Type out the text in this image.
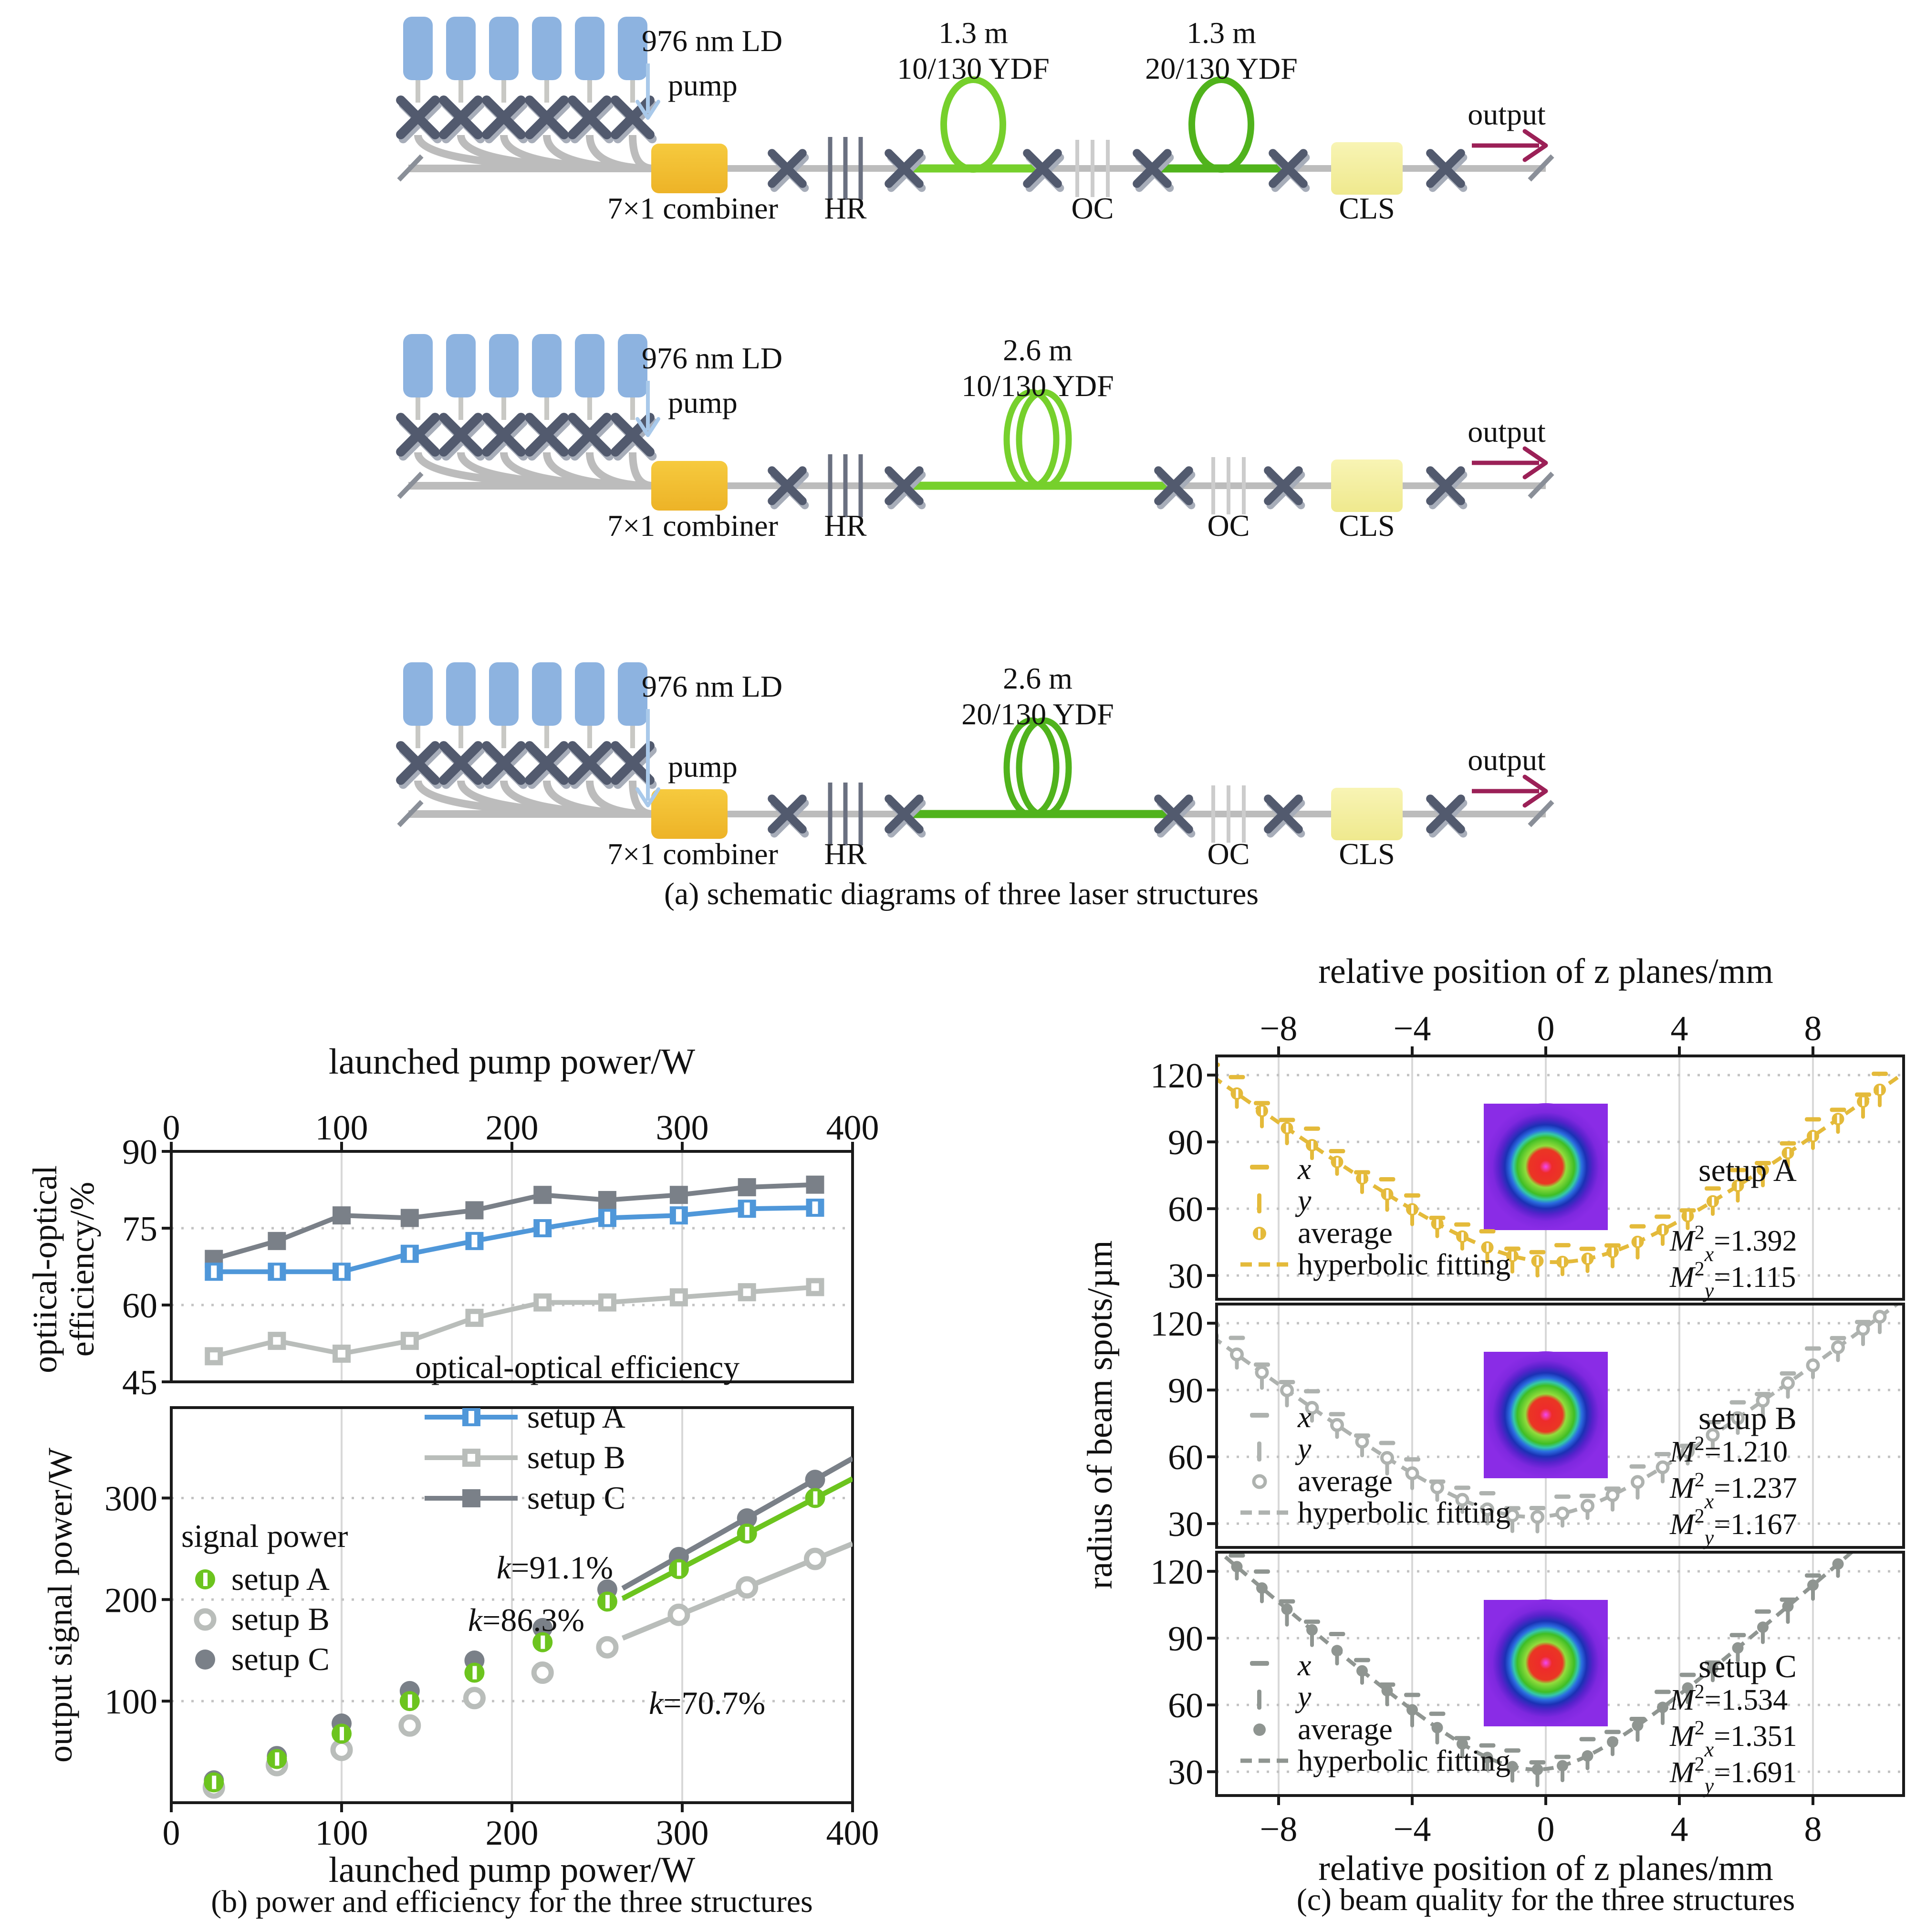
1.3 m
10/130 YDF
1.3 m
20/130 YDF
output
7×1 combiner HR	OC	CLS
976 nm LD
pump
2.6 m
10/130 YDF
output
7×1 combiner HR	OC	CLS
976 nm LD
pump
2.6 m
20/130 YDF
output
7×1 combiner HR	OC	CLS
976 nm LD
pump
0
0
100
100
200
200
300
300
400
400
45
60
75
90
100
200
300
launched pump power/W
launched pump power/W
optiical-optical
efficiency/%
output signal power/W
optical-optical efficiency
setup A
setup B
setup C
k=91.1%
k=86.3%
k=70.7%
signal power
setup A
setup B
setup C
radius of beam spots/µm
relative position of z planes/mm
−8	−4	0	4	8
−8	−4	0	4	8
relative position of z planes/mm
30
60
90
120
x
y
average
hyperbolic fitting
setup A
$M^2_x=1.392$
$M^2_y=1.115$
30
60
90
120
x
y
average
hyperbolic fitting
setup B
$M^2=1.210$
$M^2_x=1.237$
$M^2_y=1.167$
30
60
90
120
x
y
average
hyperbolic fitting
setup C
$M^2=1.534$
$M^2_x=1.351$
$M^2_y=1.691$
(a) schematic diagrams of three laser structures
(b) power and efficiency for the three structures	(c) beam quality for the three structures
